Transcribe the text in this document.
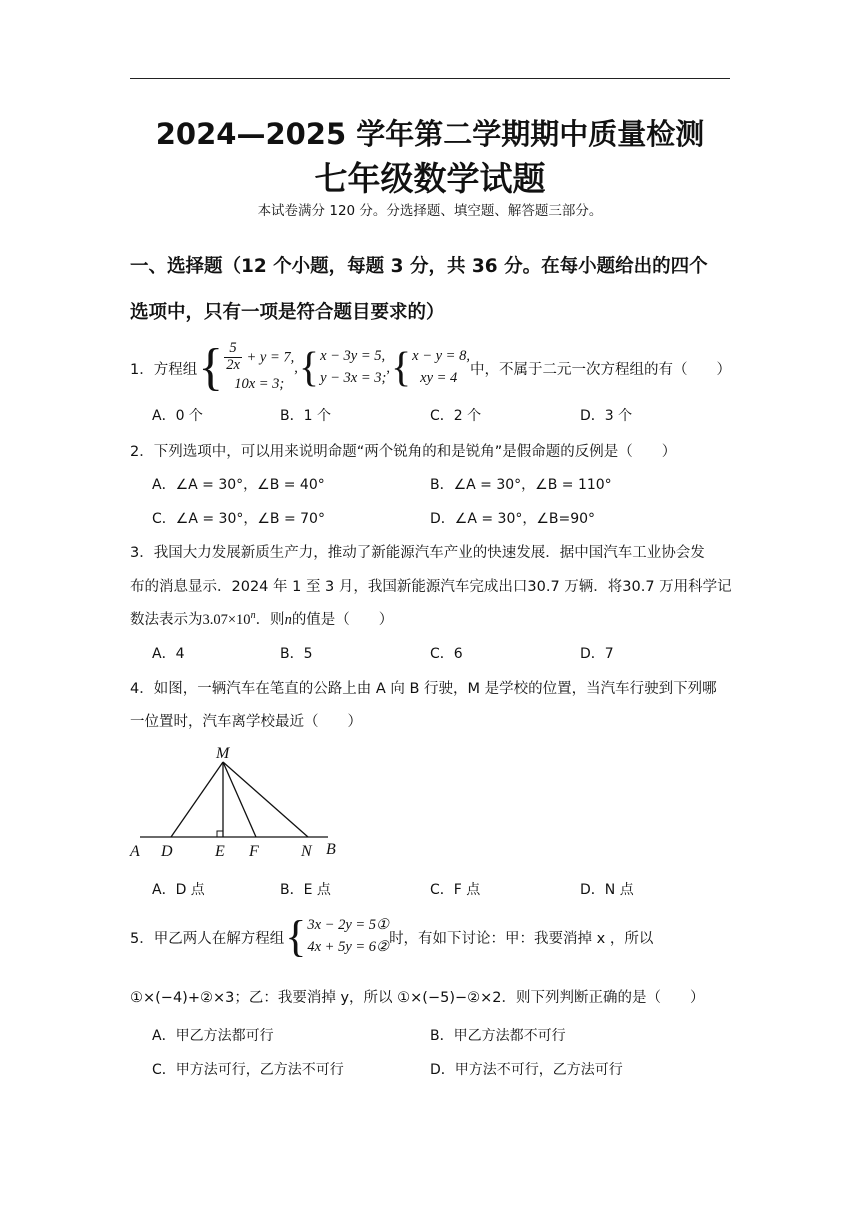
2024—2025 学年第二学期期中质量检测
七年级数学试题
本试卷满分 120 分。分选择题、填空题、解答题三部分。
一、选择题（12 个小题，每题 3 分，共 36 分。在每小题给出的四个
选项中，只有一项是符合题目要求的）
1． 方程组 { $\frac{5}{2x} + y = 7$,
10x = 3;
, { x − 3y = 5,
y − 3x = 3;
, { x − y = 8,
xy = 4
中，不属于二元一次方程组的有（　　）
A．0 个	B．1 个	C．2 个	D．3 个
2．下列选项中，可以用来说明命题“两个锐角的和是锐角”是假命题的反例是（　　）
A．∠A = 30°，∠B = 40°	B．∠A = 30°，∠B = 110°
C．∠A = 30°，∠B = 70°	D．∠A = 30°，∠B=90°
3．我国大力发展新质生产力，推动了新能源汽车产业的快速发展．据中国汽车工业协会发
布的消息显示．2024 年 1 至 3 月，我国新能源汽车完成出口30.7 万辆．将30.7 万用科学记
数法表示为$3.07\times 10^n$．则n的值是（　　）
A．4	B．5	C．6	D．7
4．如图，一辆汽车在笔直的公路上由 A 向 B 行驶，M 是学校的位置，当汽车行驶到下列哪
一位置时，汽车离学校最近（　　）
M
A D	E F	N B
A．D 点	B．E 点	C．F 点	D．N 点
5． 甲乙两人在解方程组 { 3x − 2y = 5①
4x + 5y = 6②
时，有如下讨论：甲：我要消掉 x ，所以
①×(−4)+②×3；乙：我要消掉 y，所以 ①×(−5)−②×2．则下列判断正确的是（　　）
A．甲乙方法都可行	B．甲乙方法都不可行
C．甲方法可行，乙方法不可行	D．甲方法不可行，乙方法可行
